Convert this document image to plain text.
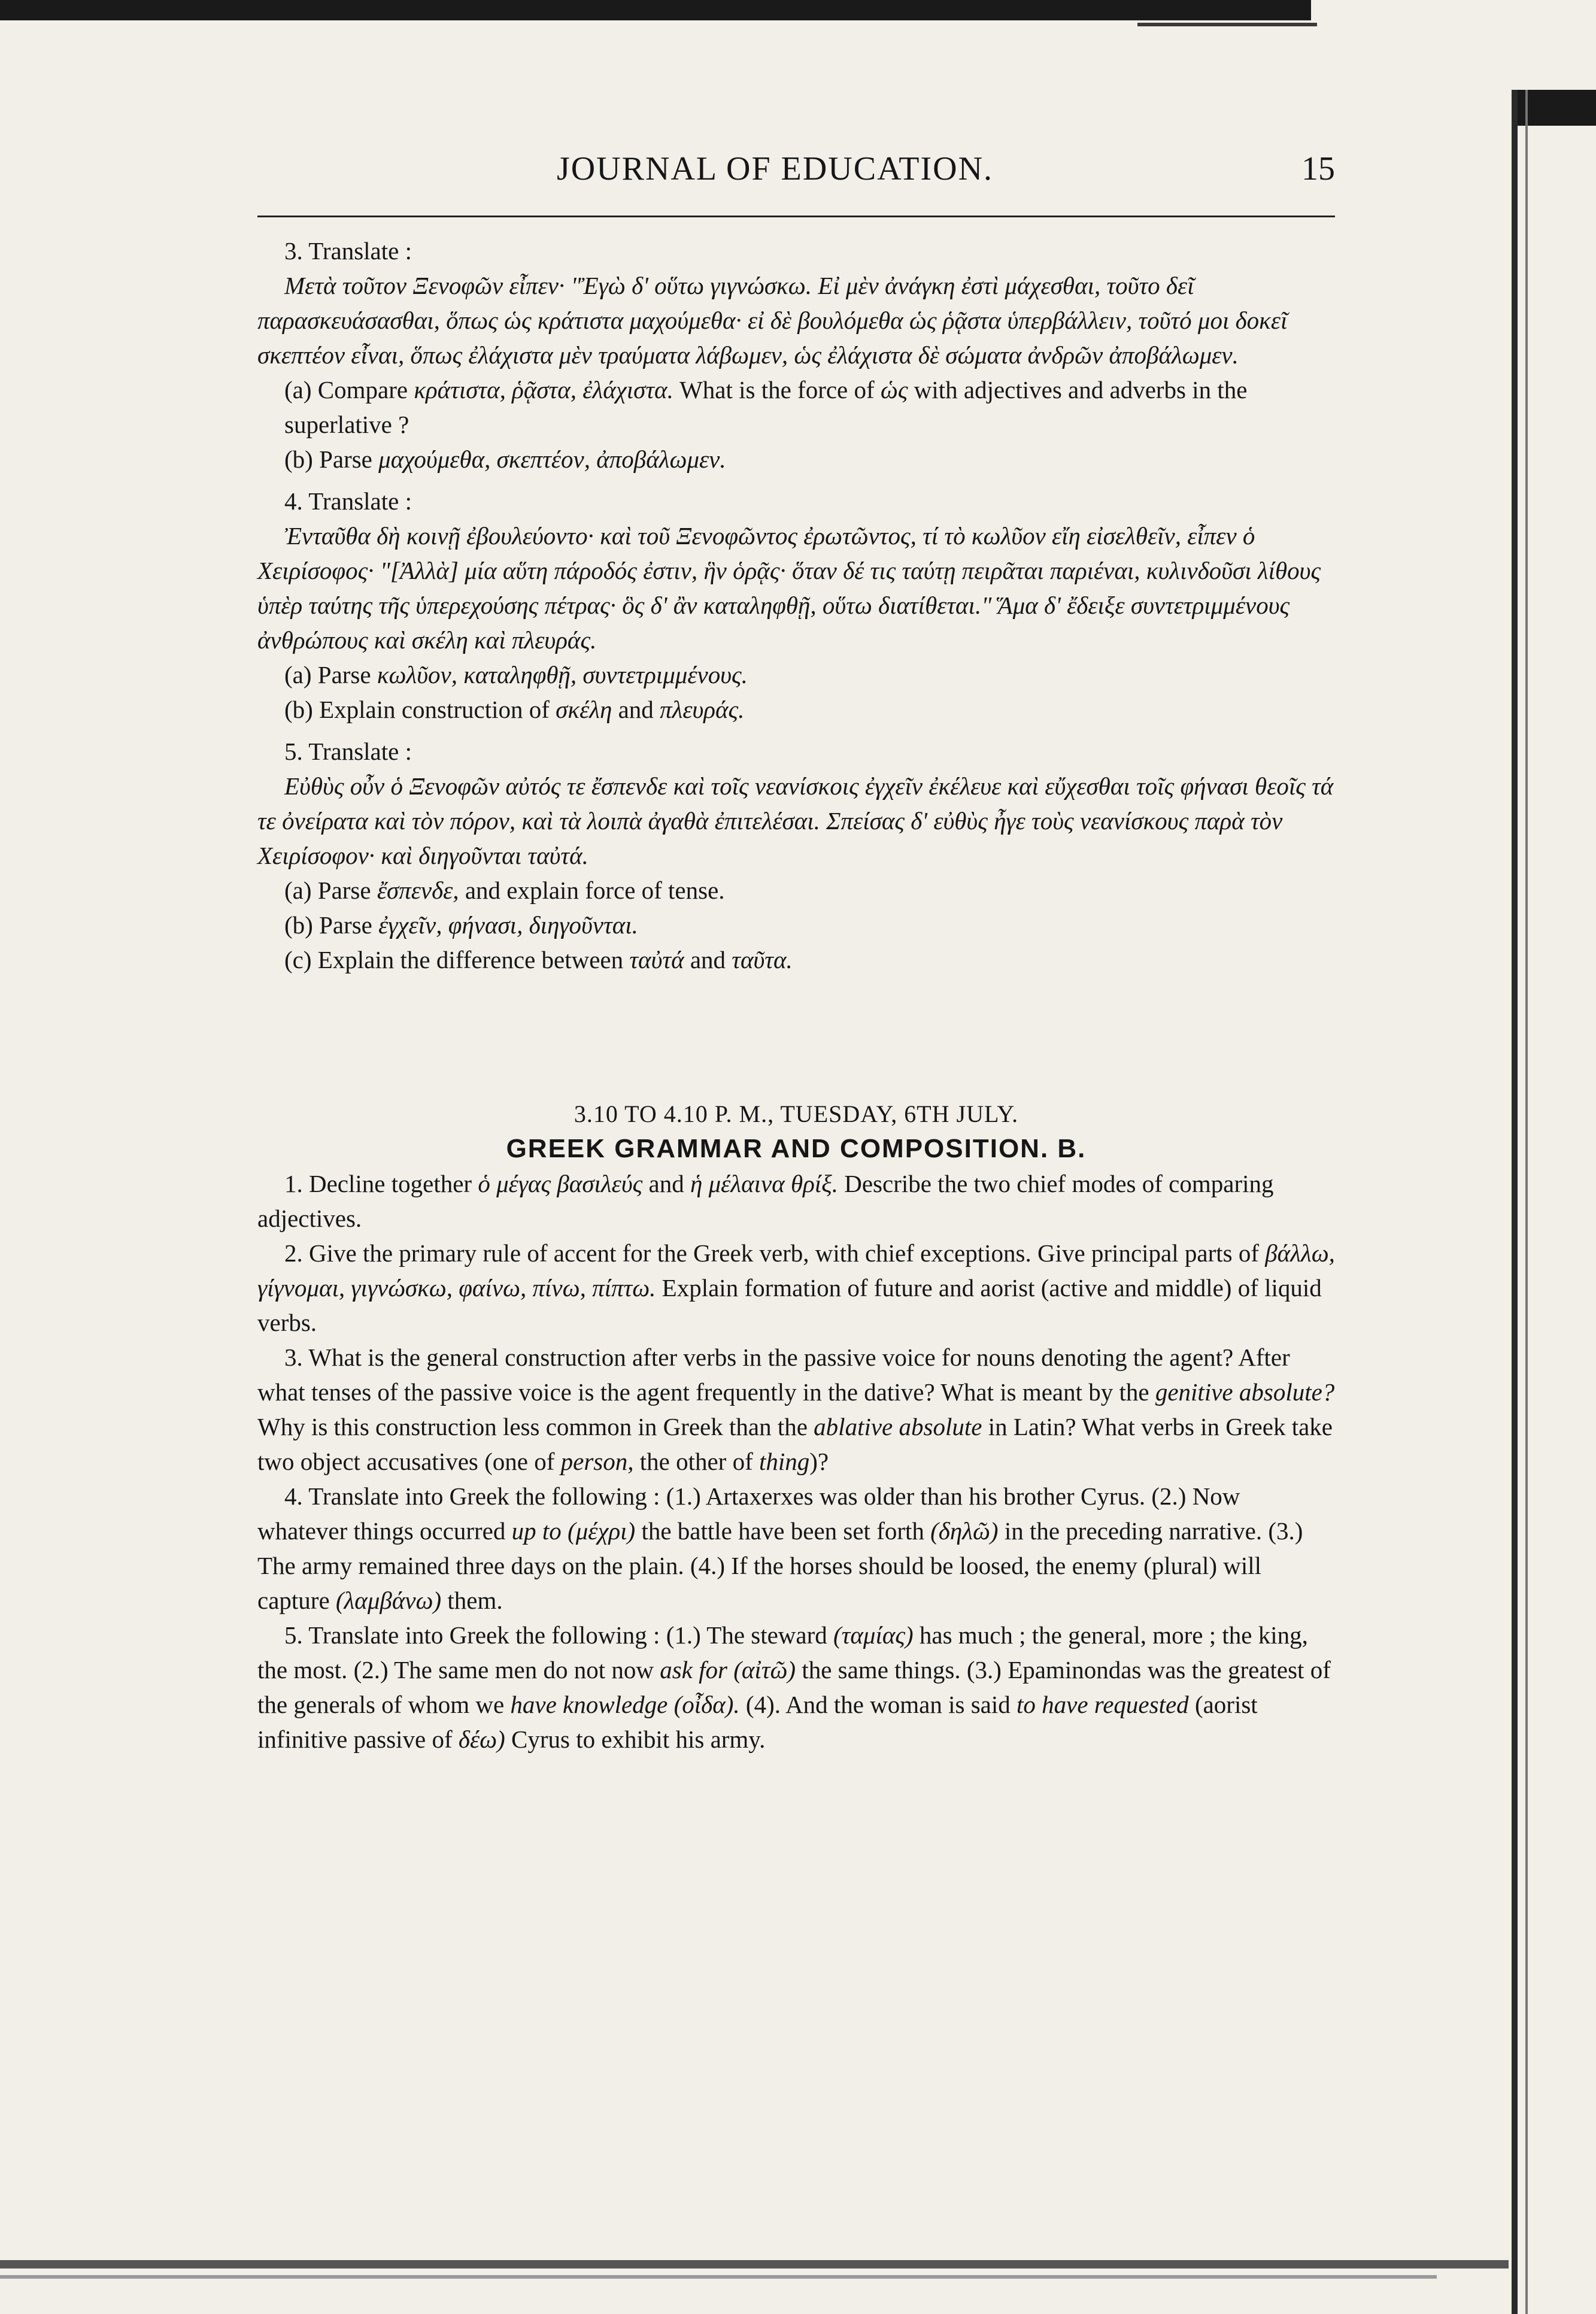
JOURNAL OF EDUCATION.	15

3. Translate :

Μετὰ τοῦτον Ξενοφῶν εἶπεν· "Ἐγὼ δ' οὕτω γιγνώσκω. Εἰ μὲν ἀνάγκη ἐστὶ μάχεσθαι, τοῦτο δεῖ παρασκευάσασθαι, ὅπως ὡς κράτιστα μαχούμεθα· εἰ δὲ βουλόμεθα ὡς ῥᾷστα ὑπερβάλλειν, τοῦτό μοι δοκεῖ σκεπτέον εἶναι, ὅπως ἐλάχιστα μὲν τραύματα λάβωμεν, ὡς ἐλάχιστα δὲ σώματα ἀνδρῶν ἀποβάλωμεν.

(a) Compare κράτιστα, ῥᾷστα, ἐλάχιστα. What is the force of ὡς with adjectives and adverbs in the superlative ?

(b) Parse μαχούμεθα, σκεπτέον, ἀποβάλωμεν.

4. Translate :

Ἐνταῦθα δὴ κοινῇ ἐβουλεύοντο· καὶ τοῦ Ξενοφῶντος ἐρωτῶντος, τί τὸ κωλῦον εἴη εἰσελθεῖν, εἶπεν ὁ Χειρίσοφος· "[Ἀλλὰ] μία αὕτη πάροδός ἐστιν, ἣν ὁρᾷς· ὅταν δέ τις ταύτῃ πειρᾶται παριέναι, κυλινδοῦσι λίθους ὑπὲρ ταύτης τῆς ὑπερεχούσης πέτρας· ὃς δ' ἂν καταληφθῇ, οὕτω διατίθεται." Ἅμα δ' ἔδειξε συντετριμμένους ἀνθρώπους καὶ σκέλη καὶ πλευράς.

(a) Parse κωλῦον, καταληφθῇ, συντετριμμένους.

(b) Explain construction of σκέλη and πλευράς.

5. Translate :

Εὐθὺς οὖν ὁ Ξενοφῶν αὐτός τε ἔσπενδε καὶ τοῖς νεανίσκοις ἐγχεῖν ἐκέλευε καὶ εὔχεσθαι τοῖς φήνασι θεοῖς τά τε ὀνείρατα καὶ τὸν πόρον, καὶ τὰ λοιπὰ ἀγαθὰ ἐπιτελέσαι. Σπείσας δ' εὐθὺς ἦγε τοὺς νεανίσκους παρὰ τὸν Χειρίσοφον· καὶ διηγοῦνται ταὐτά.

(a) Parse ἔσπενδε, and explain force of tense.

(b) Parse ἐγχεῖν, φήνασι, διηγοῦνται.

(c) Explain the difference between ταὐτά and ταῦτα.

3.10 TO 4.10 P. M., TUESDAY, 6TH JULY.

GREEK GRAMMAR AND COMPOSITION. B.

1. Decline together ὁ μέγας βασιλεύς and ἡ μέλαινα θρίξ. Describe the two chief modes of comparing adjectives.

2. Give the primary rule of accent for the Greek verb, with chief exceptions. Give principal parts of βάλλω, γίγνομαι, γιγνώσκω, φαίνω, πίνω, πίπτω. Explain formation of future and aorist (active and middle) of liquid verbs.

3. What is the general construction after verbs in the passive voice for nouns denoting the agent? After what tenses of the passive voice is the agent frequently in the dative? What is meant by the genitive absolute? Why is this construction less common in Greek than the ablative absolute in Latin? What verbs in Greek take two object accusatives (one of person, the other of thing)?

4. Translate into Greek the following : (1.) Artaxerxes was older than his brother Cyrus. (2.) Now whatever things occurred up to (μέχρι) the battle have been set forth (δηλῶ) in the preceding narrative. (3.) The army remained three days on the plain. (4.) If the horses should be loosed, the enemy (plural) will capture (λαμβάνω) them.

5. Translate into Greek the following : (1.) The steward (ταμίας) has much ; the general, more ; the king, the most. (2.) The same men do not now ask for (αἰτῶ) the same things. (3.) Epaminondas was the greatest of the generals of whom we have knowledge (οἶδα). (4). And the woman is said to have requested (aorist infinitive passive of δέω) Cyrus to exhibit his army.
